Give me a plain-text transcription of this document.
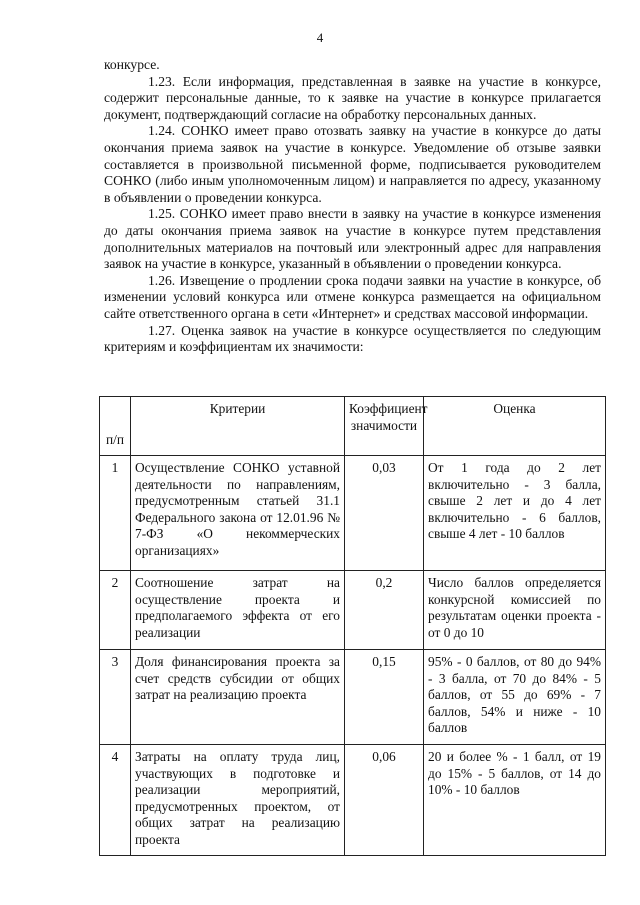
4

конкурсе.

1.23. Если информация, представленная в заявке на участие в конкурсе, содержит персональные данные, то к заявке на участие в конкурсе прилагается документ, подтверждающий согласие на обработку персональных данных.

1.24. СОНКО имеет право отозвать заявку на участие в конкурсе до даты окончания приема заявок на участие в конкурсе. Уведомление об отзыве заявки составляется в произвольной письменной форме, подписывается руководителем СОНКО (либо иным уполномоченным лицом) и направляется по адресу, указанному в объявлении о проведении конкурса.

1.25. СОНКО имеет право внести в заявку на участие в конкурсе изменения до даты окончания приема заявок на участие в конкурсе путем представления дополнительных материалов на почтовый или электронный адрес для направления заявок на участие в конкурсе, указанный в объявлении о проведении конкурса.

1.26. Извещение о продлении срока подачи заявки на участие в конкурсе, об изменении условий конкурса или отмене конкурса размещается на официальном сайте ответственного органа в сети «Интернет» и средствах массовой информации.

1.27. Оценка заявок на участие в конкурсе осуществляется по следующим критериям и коэффициентам их значимости:

п/п	Критерии	Коэффициент значимости	Оценка
1	Осуществление СОНКО уставной деятельности по направлениям, предусмотренным статьей 31.1 Федерального закона от 12.01.96 № 7-ФЗ «О некоммерческих организациях»	0,03	От 1 года до 2 лет включительно - 3 балла, свыше 2 лет и до 4 лет включительно - 6 баллов, свыше 4 лет - 10 баллов
2	Соотношение затрат на осуществление проекта и предполагаемого эффекта от его реализации	0,2	Число баллов определяется конкурсной комиссией по результатам оценки проекта - от 0 до 10
3	Доля финансирования проекта за счет средств субсидии от общих затрат на реализацию проекта	0,15	95% - 0 баллов, от 80 до 94% - 3 балла, от 70 до 84% - 5 баллов, от 55 до 69% - 7 баллов, 54% и ниже - 10 баллов
4	Затраты на оплату труда лиц, участвующих в подготовке и реализации мероприятий, предусмотренных проектом, от общих затрат на реализацию проекта	0,06	20 и более % - 1 балл, от 19 до 15% - 5 баллов, от 14 до 10% - 10 баллов
